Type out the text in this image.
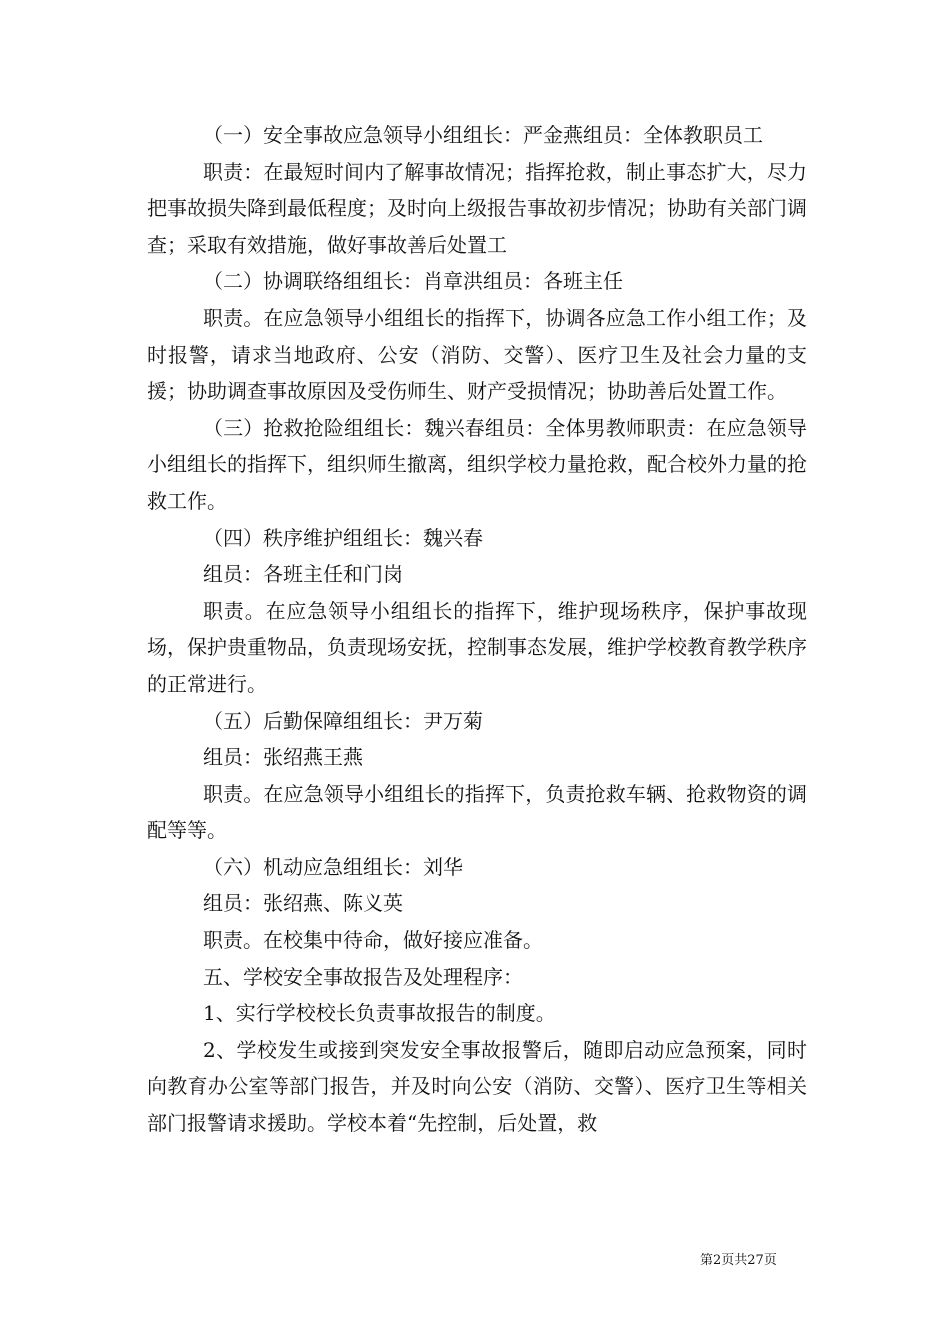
（一）安全事故应急领导小组组长：严金燕组员：全体教职员工

职责：在最短时间内了解事故情况；指挥抢救，制止事态扩大，尽力把事故损失降到最低程度；及时向上级报告事故初步情况；协助有关部门调查；采取有效措施，做好事故善后处置工

（二）协调联络组组长：肖章洪组员：各班主任

职责。在应急领导小组组长的指挥下，协调各应急工作小组工作；及时报警，请求当地政府、公安（消防、交警）、医疗卫生及社会力量的支援；协助调查事故原因及受伤师生、财产受损情况；协助善后处置工作。

（三）抢救抢险组组长：魏兴春组员：全体男教师职责：在应急领导小组组长的指挥下，组织师生撤离，组织学校力量抢救，配合校外力量的抢救工作。

（四）秩序维护组组长：魏兴春

组员：各班主任和门岗

职责。在应急领导小组组长的指挥下，维护现场秩序，保护事故现场，保护贵重物品，负责现场安抚，控制事态发展，维护学校教育教学秩序的正常进行。

（五）后勤保障组组长：尹万菊

组员：张绍燕王燕

职责。在应急领导小组组长的指挥下，负责抢救车辆、抢救物资的调配等等。

（六）机动应急组组长：刘华

组员：张绍燕、陈义英

职责。在校集中待命，做好接应准备。

五、学校安全事故报告及处理程序：

1、实行学校校长负责事故报告的制度。

2、学校发生或接到突发安全事故报警后，随即启动应急预案，同时向教育办公室等部门报告，并及时向公安（消防、交警）、医疗卫生等相关部门报警请求援助。学校本着“先控制，后处置，救

第2页共27页
